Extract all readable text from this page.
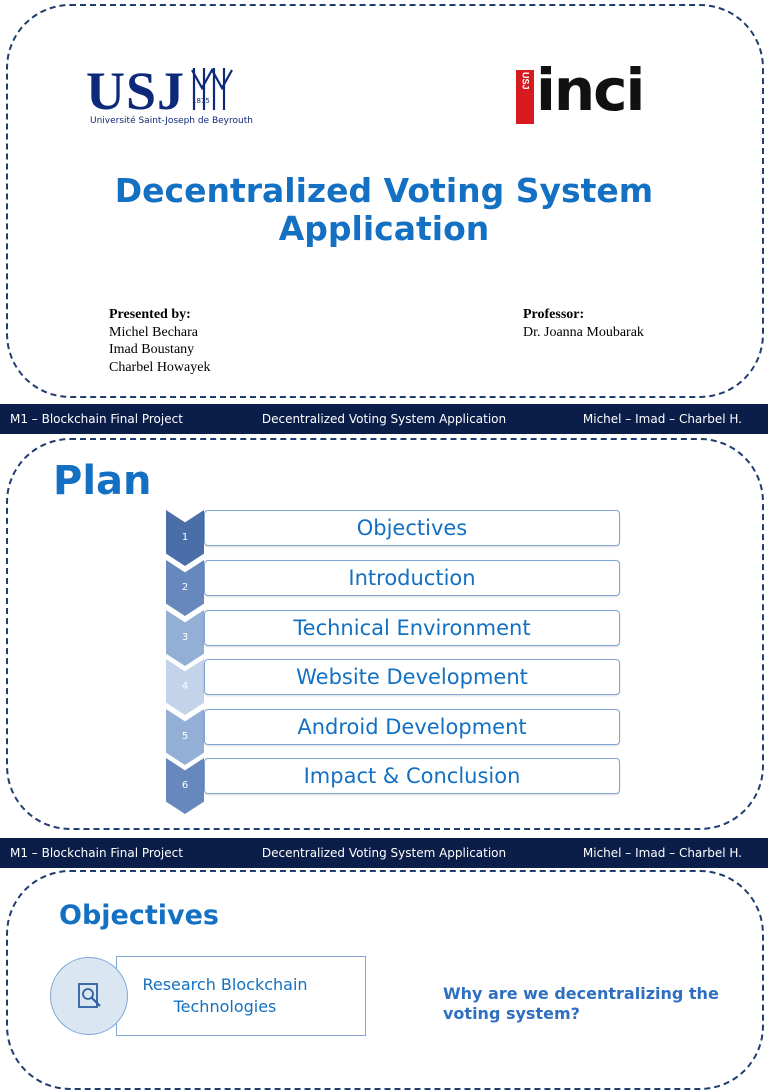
USJ 1875
Université Saint-Joseph de Beyrouth
USJ inci
Decentralized Voting System
Application
Presented by:
Michel Bechara
Imad Boustany
Charbel Howayek
Professor:
Dr. Joanna Moubarak
M1 – Blockchain Final Project	Decentralized Voting System Application	Michel – Imad – Charbel H.
Plan
1	Objectives
2	Introduction
3	Technical Environment
4	Website Development
5	Android Development
6	Impact & Conclusion
M1 – Blockchain Final Project	Decentralized Voting System Application	Michel – Imad – Charbel H.
Objectives
Research Blockchain Technologies
Why are we decentralizing the voting system?
